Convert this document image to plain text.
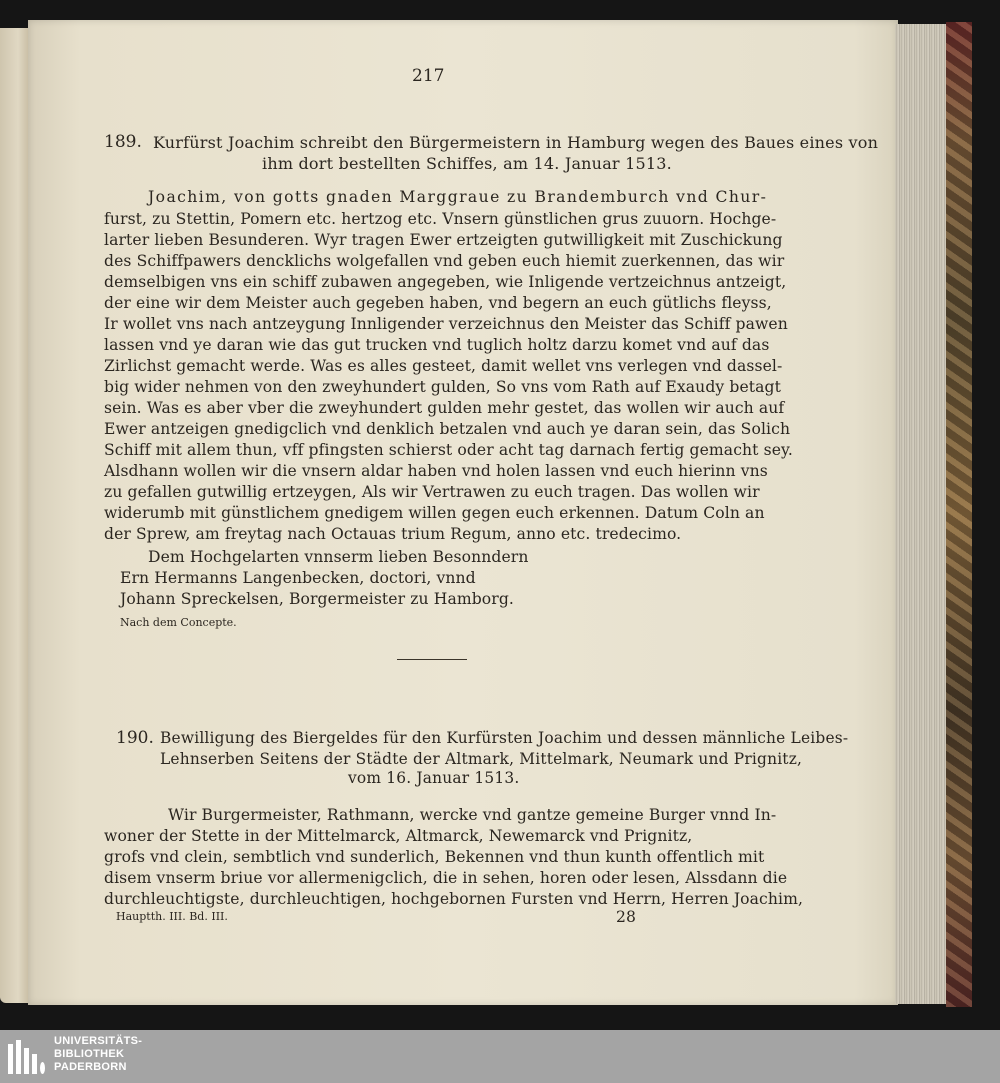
217
189. Kurfürst Joachim schreibt den Bürgermeistern in Hamburg wegen des Baues eines von
ihm dort bestellten Schiffes, am 14. Januar 1513.
Joachim, von gotts gnaden Marggraue zu Brandemburch vnd Chur-
furst, zu Stettin, Pomern etc. hertzog etc. Vnsern günstlichen grus zuuorn. Hochge-
larter lieben Besunderen. Wyr tragen Ewer ertzeigten gutwilligkeit mit Zuschickung
des Schiffpawers dencklichs wolgefallen vnd geben euch hiemit zuerkennen, das wir
demselbigen vns ein schiff zubawen angegeben, wie Inligende vertzeichnus antzeigt,
der eine wir dem Meister auch gegeben haben, vnd begern an euch gütlichs fleyss,
Ir wollet vns nach antzeygung Innligender verzeichnus den Meister das Schiff pawen
lassen vnd ye daran wie das gut trucken vnd tuglich holtz darzu komet vnd auf das
Zirlichst gemacht werde. Was es alles gesteet, damit wellet vns verlegen vnd dassel-
big wider nehmen von den zweyhundert gulden, So vns vom Rath auf Exaudy betagt
sein. Was es aber vber die zweyhundert gulden mehr gestet, das wollen wir auch auf
Ewer antzeigen gnedigclich vnd denklich betzalen vnd auch ye daran sein, das Solich
Schiff mit allem thun, vff pfingsten schierst oder acht tag darnach fertig gemacht sey.
Alsdhann wollen wir die vnsern aldar haben vnd holen lassen vnd euch hierinn vns
zu gefallen gutwillig ertzeygen, Als wir Vertrawen zu euch tragen. Das wollen wir
widerumb mit günstlichem gnedigem willen gegen euch erkennen. Datum Coln an
der Sprew, am freytag nach Octauas trium Regum, anno etc. tredecimo.
Dem Hochgelarten vnnserm lieben Besonndern
Ern Hermanns Langenbecken, doctori, vnnd
Johann Spreckelsen, Borgermeister zu Hamborg.
Nach dem Concepte.
190. Bewilligung des Biergeldes für den Kurfürsten Joachim und dessen männliche Leibes-
Lehnserben Seitens der Städte der Altmark, Mittelmark, Neumark und Prignitz,
vom 16. Januar 1513.
Wir Burgermeister, Rathmann, wercke vnd gantze gemeine Burger vnnd In-
woner der Stette in der Mittelmarck, Altmarck, Newemarck vnd Prignitz,
grofs vnd clein, sembtlich vnd sunderlich, Bekennen vnd thun kunth offentlich mit
disem vnserm briue vor allermenigclich, die in sehen, horen oder lesen, Alssdann die
durchleuchtigste, durchleuchtigen, hochgebornen Fursten vnd Herrn, Herren Joachim,
Hauptth. III. Bd. III.	28
UNIVERSITÄTS-
BIBLIOTHEK
PADERBORN
